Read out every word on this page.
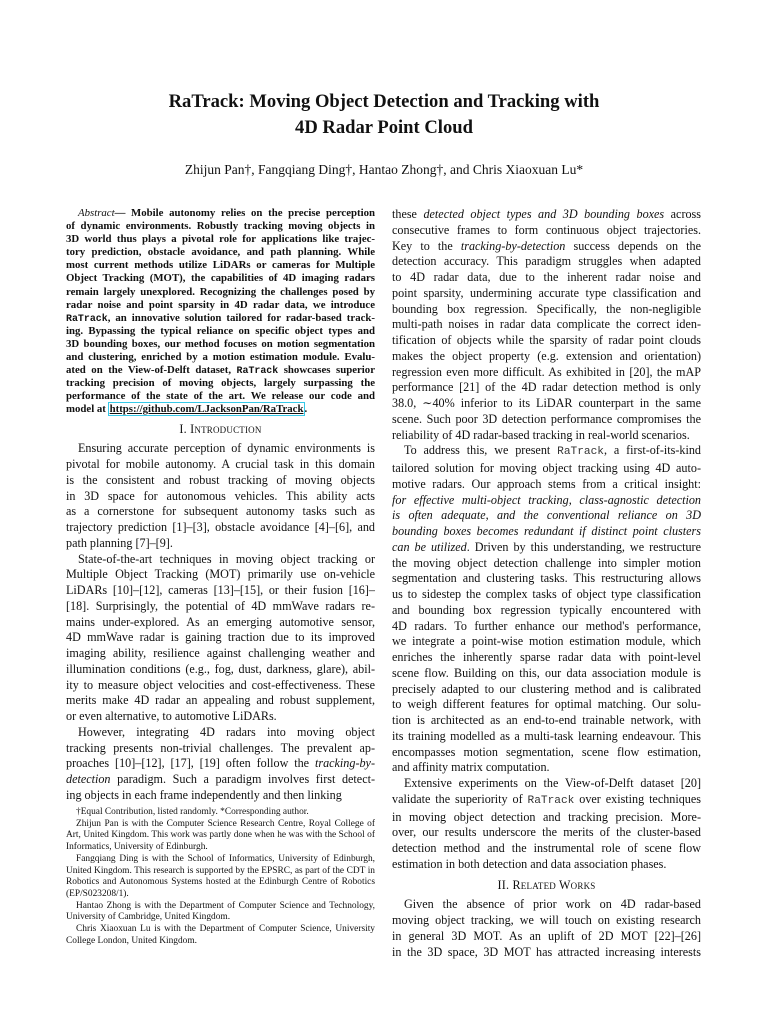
RaTrack: Moving Object Detection and Tracking with
4D Radar Point Cloud
Zhijun Pan†, Fangqiang Ding†, Hantao Zhong†, and Chris Xiaoxuan Lu*
Abstract— Mobile autonomy relies on the precise perception
of dynamic environments. Robustly tracking moving objects in
3D world thus plays a pivotal role for applications like trajec-
tory prediction, obstacle avoidance, and path planning. While
most current methods utilize LiDARs or cameras for Multiple
Object Tracking (MOT), the capabilities of 4D imaging radars
remain largely unexplored. Recognizing the challenges posed by
radar noise and point sparsity in 4D radar data, we introduce
RaTrack, an innovative solution tailored for radar-based track-
ing. Bypassing the typical reliance on specific object types and
3D bounding boxes, our method focuses on motion segmentation
and clustering, enriched by a motion estimation module. Evalu-
ated on the View-of-Delft dataset, RaTrack showcases superior
tracking precision of moving objects, largely surpassing the
performance of the state of the art. We release our code and
model at https://github.com/LJacksonPan/RaTrack.
I. Introduction
Ensuring accurate perception of dynamic environments is
pivotal for mobile autonomy. A crucial task in this domain
is the consistent and robust tracking of moving objects
in 3D space for autonomous vehicles. This ability acts
as a cornerstone for subsequent autonomy tasks such as
trajectory prediction [1]–[3], obstacle avoidance [4]–[6], and
path planning [7]–[9].
State-of-the-art techniques in moving object tracking or
Multiple Object Tracking (MOT) primarily use on-vehicle
LiDARs [10]–[12], cameras [13]–[15], or their fusion [16]–
[18]. Surprisingly, the potential of 4D mmWave radars re-
mains under-explored. As an emerging automotive sensor,
4D mmWave radar is gaining traction due to its improved
imaging ability, resilience against challenging weather and
illumination conditions (e.g., fog, dust, darkness, glare), abil-
ity to measure object velocities and cost-effectiveness. These
merits make 4D radar an appealing and robust supplement,
or even alternative, to automotive LiDARs.
However, integrating 4D radars into moving object
tracking presents non-trivial challenges. The prevalent ap-
proaches [10]–[12], [17], [19] often follow the tracking-by-
detection paradigm. Such a paradigm involves first detect-
ing objects in each frame independently and then linking
†Equal Contribution, listed randomly. *Corresponding author.
Zhijun Pan is with the Computer Science Research Centre, Royal College of Art, United Kingdom. This work was partly done when he was with the School of Informatics, University of Edinburgh.
Fangqiang Ding is with the School of Informatics, University of Edinburgh, United Kingdom. This research is supported by the EPSRC, as part of the CDT in Robotics and Autonomous Systems hosted at the Edinburgh Centre of Robotics (EP/S023208/1).
Hantao Zhong is with the Department of Computer Science and Technology, University of Cambridge, United Kingdom.
Chris Xiaoxuan Lu is with the Department of Computer Science, University College London, United Kingdom.
these detected object types and 3D bounding boxes across
consecutive frames to form continuous object trajectories.
Key to the tracking-by-detection success depends on the
detection accuracy. This paradigm struggles when adapted
to 4D radar data, due to the inherent radar noise and
point sparsity, undermining accurate type classification and
bounding box regression. Specifically, the non-negligible
multi-path noises in radar data complicate the correct iden-
tification of objects while the sparsity of radar point clouds
makes the object property (e.g. extension and orientation)
regression even more difficult. As exhibited in [20], the mAP
performance [21] of the 4D radar detection method is only
38.0, ∼40% inferior to its LiDAR counterpart in the same
scene. Such poor 3D detection performance compromises the
reliability of 4D radar-based tracking in real-world scenarios.
To address this, we present RaTrack, a first-of-its-kind
tailored solution for moving object tracking using 4D auto-
motive radars. Our approach stems from a critical insight:
for effective multi-object tracking, class-agnostic detection
is often adequate, and the conventional reliance on 3D
bounding boxes becomes redundant if distinct point clusters
can be utilized. Driven by this understanding, we restructure
the moving object detection challenge into simpler motion
segmentation and clustering tasks. This restructuring allows
us to sidestep the complex tasks of object type classification
and bounding box regression typically encountered with
4D radars. To further enhance our method's performance,
we integrate a point-wise motion estimation module, which
enriches the inherently sparse radar data with point-level
scene flow. Building on this, our data association module is
precisely adapted to our clustering method and is calibrated
to weigh different features for optimal matching. Our solu-
tion is architected as an end-to-end trainable network, with
its training modelled as a multi-task learning endeavour. This
encompasses motion segmentation, scene flow estimation,
and affinity matrix computation.
Extensive experiments on the View-of-Delft dataset [20]
validate the superiority of RaTrack over existing techniques
in moving object detection and tracking precision. More-
over, our results underscore the merits of the cluster-based
detection method and the instrumental role of scene flow
estimation in both detection and data association phases.
II. Related Works
Given the absence of prior work on 4D radar-based
moving object tracking, we will touch on existing research
in general 3D MOT. As an uplift of 2D MOT [22]–[26]
in the 3D space, 3D MOT has attracted increasing interests
